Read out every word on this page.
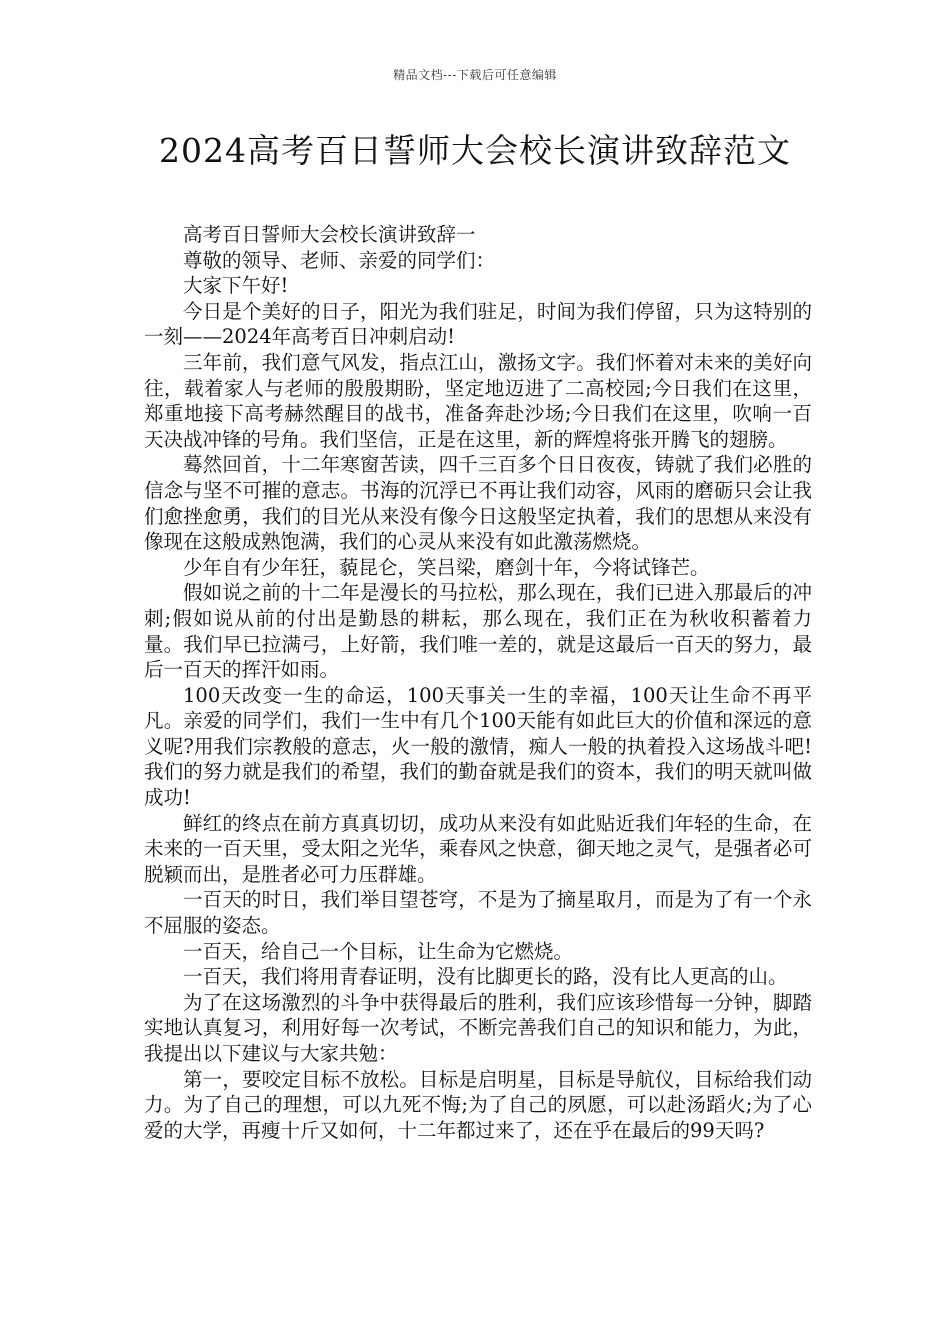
精品文档---下载后可任意编辑
2024高考百日誓师大会校长演讲致辞范文

高考百日誓师大会校长演讲致辞一

尊敬的领导、老师、亲爱的同学们：

大家下午好!

今日是个美好的日子，阳光为我们驻足，时间为我们停留，只为这特别的一刻——2024年高考百日冲刺启动!

三年前，我们意气风发，指点江山，激扬文字。我们怀着对未来的美好向往，载着家人与老师的殷殷期盼，坚定地迈进了二高校园;今日我们在这里，郑重地接下高考赫然醒目的战书，准备奔赴沙场;今日我们在这里，吹响一百天决战冲锋的号角。我们坚信，正是在这里，新的辉煌将张开腾飞的翅膀。

蓦然回首，十二年寒窗苦读，四千三百多个日日夜夜，铸就了我们必胜的信念与坚不可摧的意志。书海的沉浮已不再让我们动容，风雨的磨砺只会让我们愈挫愈勇，我们的目光从来没有像今日这般坚定执着，我们的思想从来没有像现在这般成熟饱满，我们的心灵从来没有如此激荡燃烧。

少年自有少年狂，藐昆仑，笑吕梁，磨剑十年，今将试锋芒。

假如说之前的十二年是漫长的马拉松，那么现在，我们已进入那最后的冲刺;假如说从前的付出是勤恳的耕耘，那么现在，我们正在为秋收积蓄着力量。我们早已拉满弓，上好箭，我们唯一差的，就是这最后一百天的努力，最后一百天的挥汗如雨。

100天改变一生的命运，100天事关一生的幸福，100天让生命不再平凡。亲爱的同学们，我们一生中有几个100天能有如此巨大的价值和深远的意义呢?用我们宗教般的意志，火一般的激情，痴人一般的执着投入这场战斗吧!我们的努力就是我们的希望，我们的勤奋就是我们的资本，我们的明天就叫做成功!

鲜红的终点在前方真真切切，成功从来没有如此贴近我们年轻的生命，在未来的一百天里，受太阳之光华，乘春风之快意，御天地之灵气，是强者必可脱颖而出，是胜者必可力压群雄。

一百天的时日，我们举目望苍穹，不是为了摘星取月，而是为了有一个永不屈服的姿态。

一百天，给自己一个目标，让生命为它燃烧。

一百天，我们将用青春证明，没有比脚更长的路，没有比人更高的山。

为了在这场激烈的斗争中获得最后的胜利，我们应该珍惜每一分钟，脚踏实地认真复习，利用好每一次考试，不断完善我们自己的知识和能力，为此，我提出以下建议与大家共勉：

第一，要咬定目标不放松。目标是启明星，目标是导航仪，目标给我们动力。为了自己的理想，可以九死不悔;为了自己的夙愿，可以赴汤蹈火;为了心爱的大学，再瘦十斤又如何，十二年都过来了，还在乎在最后的99天吗?
